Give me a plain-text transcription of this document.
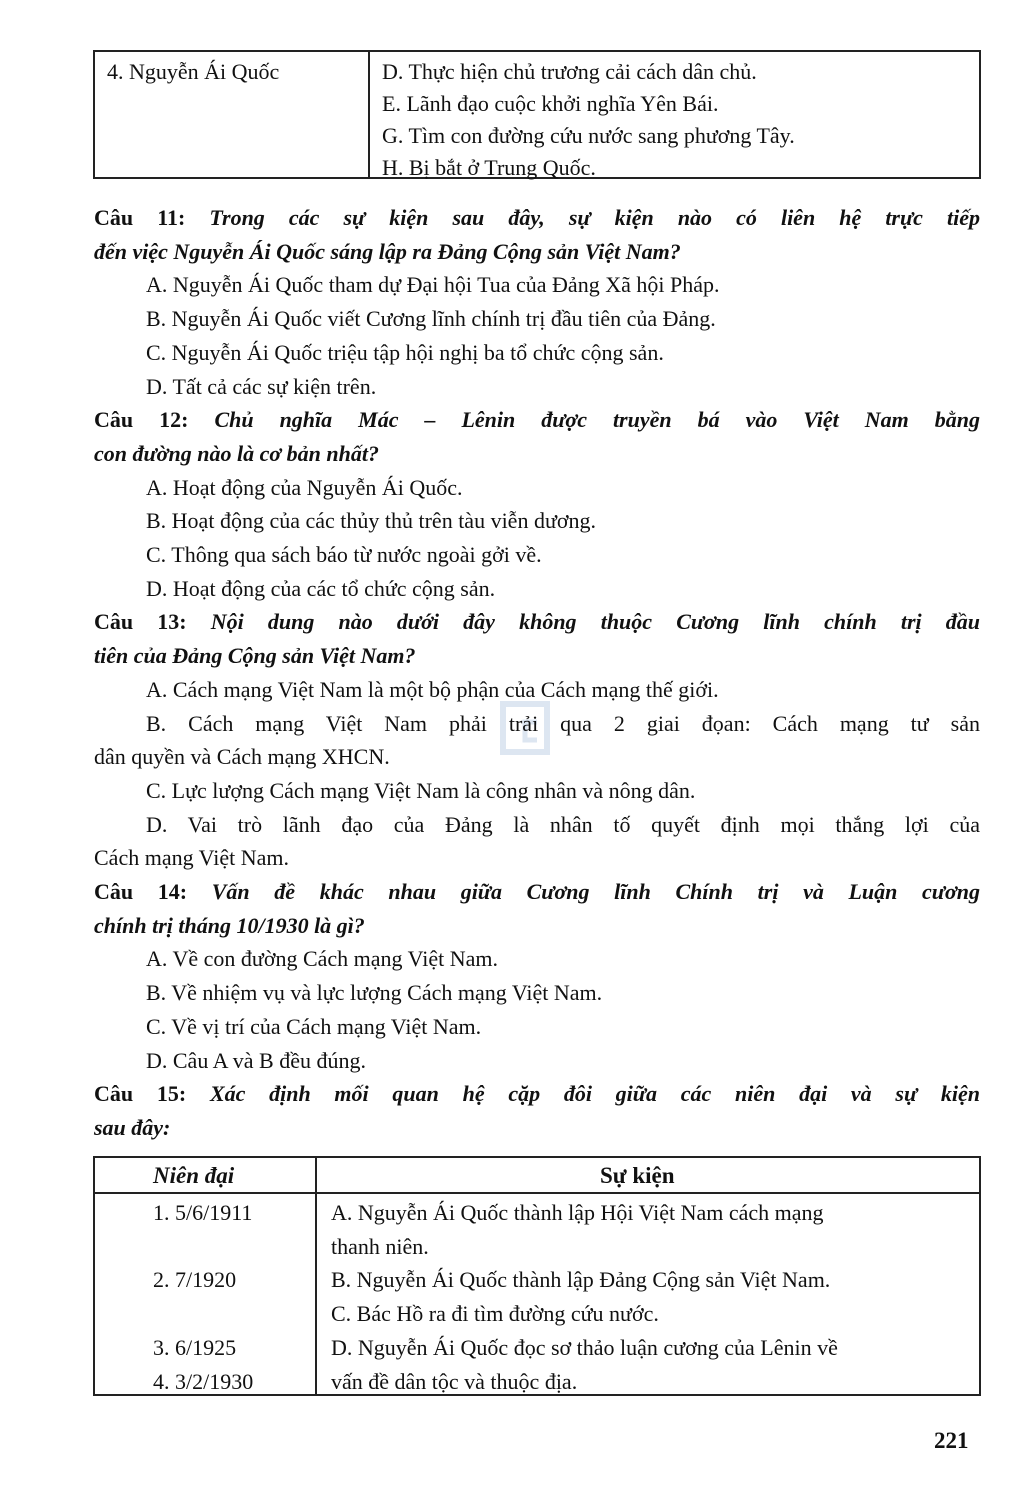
4. Nguyễn Ái Quốc	D. Thực hiện chủ trương cải cách dân chủ.
E. Lãnh đạo cuộc khởi nghĩa Yên Bái.
G. Tìm con đường cứu nước sang phương Tây.
H. Bị bắt ở Trung Quốc.
Câu 11: Trong các sự kiện sau đây, sự kiện nào có liên hệ trực tiếp
đến việc Nguyễn Ái Quốc sáng lập ra Đảng Cộng sản Việt Nam?
A. Nguyễn Ái Quốc tham dự Đại hội Tua của Đảng Xã hội Pháp.
B. Nguyễn Ái Quốc viết Cương lĩnh chính trị đầu tiên của Đảng.
C. Nguyễn Ái Quốc triệu tập hội nghị ba tổ chức cộng sản.
D. Tất cả các sự kiện trên.
Câu 12: Chủ nghĩa Mác – Lênin được truyền bá vào Việt Nam bằng
con đường nào là cơ bản nhất?
A. Hoạt động của Nguyễn Ái Quốc.
B. Hoạt động của các thủy thủ trên tàu viễn dương.
C. Thông qua sách báo từ nước ngoài gởi về.
D. Hoạt động của các tổ chức cộng sản.
Câu 13: Nội dung nào dưới đây không thuộc Cương lĩnh chính trị đầu
tiên của Đảng Cộng sản Việt Nam?
A. Cách mạng Việt Nam là một bộ phận của Cách mạng thế giới.
B. Cách mạng Việt Nam phải trải qua 2 giai đọan: Cách mạng tư sản
dân quyền và Cách mạng XHCN.
C. Lực lượng Cách mạng Việt Nam là công nhân và nông dân.
D. Vai trò lãnh đạo của Đảng là nhân tố quyết định mọi thắng lợi của
Cách mạng Việt Nam.
Câu 14: Vấn đề khác nhau giữa Cương lĩnh Chính trị và Luận cương
chính trị tháng 10/1930 là gì?
A. Về con đường Cách mạng Việt Nam.
B. Về nhiệm vụ và lực lượng Cách mạng Việt Nam.
C. Về vị trí của Cách mạng Việt Nam.
D. Câu A và B đều đúng.
Câu 15: Xác định mối quan hệ cặp đôi giữa các niên đại và sự kiện
sau đây:
Niên đại	Sự kiện
1. 5/6/1911

2. 7/1920

3. 6/1925
4. 3/2/1930
A. Nguyễn Ái Quốc thành lập Hội Việt Nam cách mạng
thanh niên.
B. Nguyễn Ái Quốc thành lập Đảng Cộng sản Việt Nam.
C. Bác Hồ ra đi tìm đường cứu nước.
D. Nguyễn Ái Quốc đọc sơ thảo luận cương của Lênin về
vấn đề dân tộc và thuộc địa.
221
